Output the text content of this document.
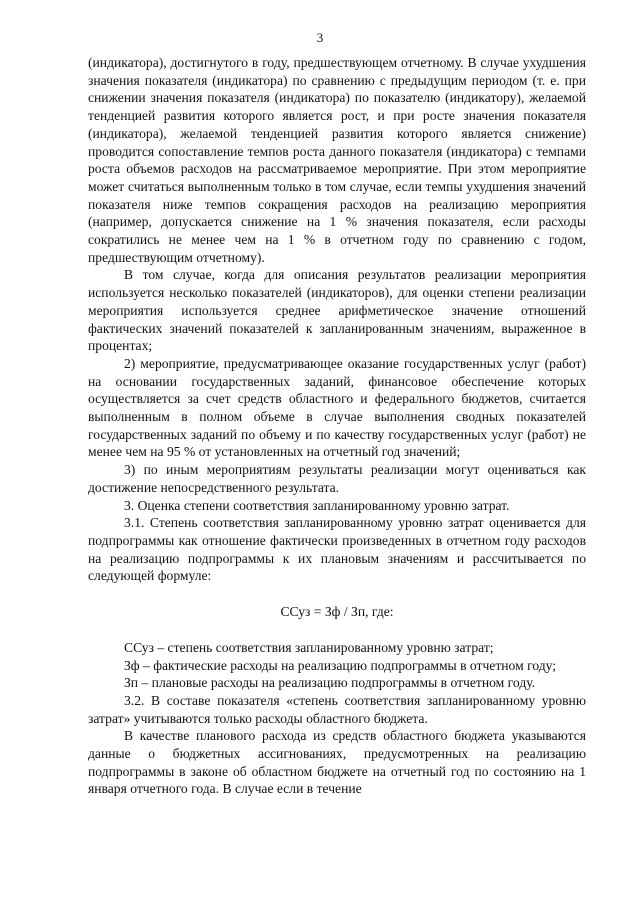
3

(индикатора), достигнутого в году, предшествующем отчетному. В случае ухудшения значения показателя (индикатора) по сравнению с предыдущим периодом (т. е. при снижении значения показателя (индикатора) по показателю (индикатору), желаемой тенденцией развития которого является рост, и при росте значения показателя (индикатора), желаемой тенденцией развития которого является снижение) проводится сопоставление темпов роста данного показателя (индикатора) с темпами роста объемов расходов на рассматриваемое мероприятие. При этом мероприятие может считаться выполненным только в том случае, если темпы ухудшения значений показателя ниже темпов сокращения расходов на реализацию мероприятия (например, допускается снижение на 1 % значения показателя, если расходы сократились не менее чем на 1 % в отчетном году по сравнению с годом, предшествующим отчетному).

В том случае, когда для описания результатов реализации мероприятия используется несколько показателей (индикаторов), для оценки степени реализации мероприятия используется среднее арифметическое значение отношений фактических значений показателей к запланированным значениям, выраженное в процентах;

2) мероприятие, предусматривающее оказание государственных услуг (работ) на основании государственных заданий, финансовое обеспечение которых осуществляется за счет средств областного и федерального бюджетов, считается выполненным в полном объеме в случае выполнения сводных показателей государственных заданий по объему и по качеству государственных услуг (работ) не менее чем на 95 % от установленных на отчетный год значений;

3) по иным мероприятиям результаты реализации могут оцениваться как достижение непосредственного результата.

3. Оценка степени соответствия запланированному уровню затрат.

3.1. Степень соответствия запланированному уровню затрат оценивается для подпрограммы как отношение фактически произведенных в отчетном году расходов на реализацию подпрограммы к их плановым значениям и рассчитывается по следующей формуле:

ССуз = Зф / Зп, где:

ССуз – степень соответствия запланированному уровню затрат;

Зф – фактические расходы на реализацию подпрограммы в отчетном году;

Зп – плановые расходы на реализацию подпрограммы в отчетном году.

3.2. В составе показателя «степень соответствия запланированному уровню затрат» учитываются только расходы областного бюджета.

В качестве планового расхода из средств областного бюджета указываются данные о бюджетных ассигнованиях, предусмотренных на реализацию подпрограммы в законе об областном бюджете на отчетный год по состоянию на 1 января отчетного года. В случае если в течение
